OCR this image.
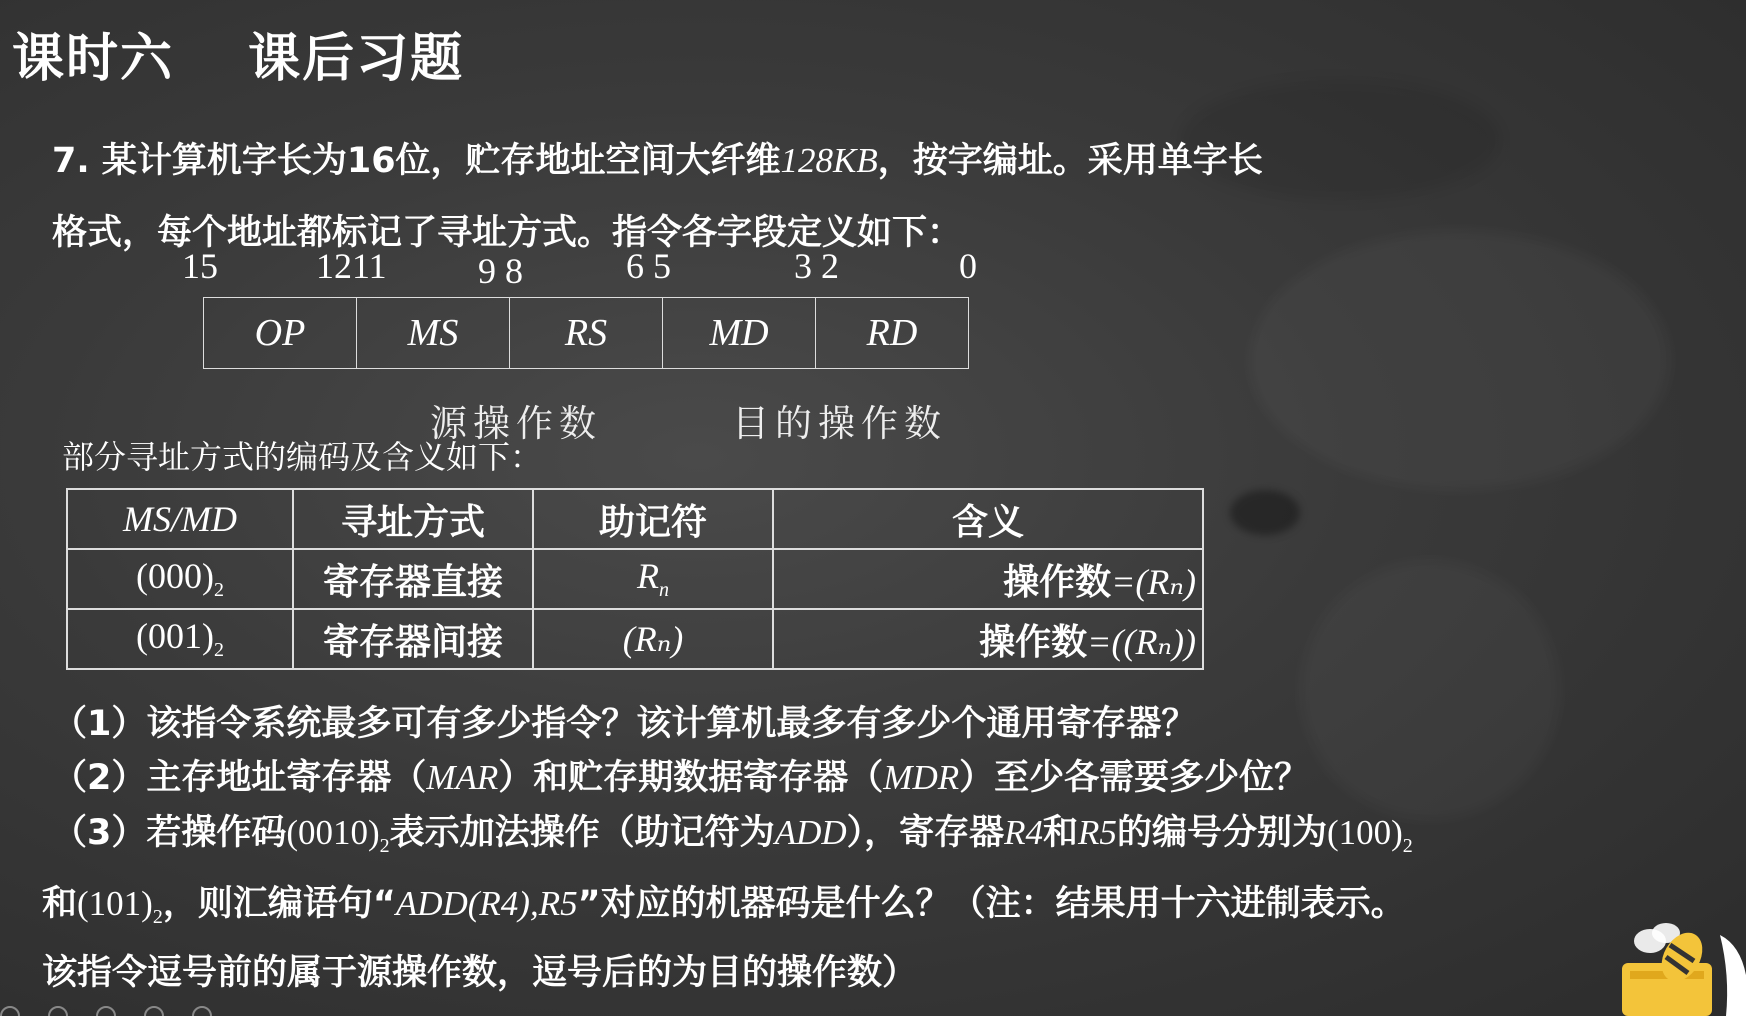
课时六　 课后习题
7. 某计算机字长为16位，贮存地址空间大纤维128KB，按字编址。采用单字长
格式，每个地址都标记了寻址方式。指令各字段定义如下：
15	1211	9 8	6 5	3 2	0
OP	MS	RS	MD	RD
源操作数	目的操作数
部分寻址方式的编码及含义如下：
MS/MD	寻址方式	助记符	含义
$(000)_2$	寄存器直接	$R_n$	操作数=(Rₙ)
$(001)_2$	寄存器间接	(Rₙ)	操作数=((Rₙ))
（1）该指令系统最多可有多少指令？该计算机最多有多少个通用寄存器？
（2）主存地址寄存器（MAR）和贮存期数据寄存器（MDR）至少各需要多少位？
（3）若操作码$(0010)_2$表示加法操作（助记符为ADD），寄存器R4和R5的编号分别为$(100)_2$
和$(101)_2$，则汇编语句“ADD(R4),R5”对应的机器码是什么？（注：结果用十六进制表示。
该指令逗号前的属于源操作数，逗号后的为目的操作数）
